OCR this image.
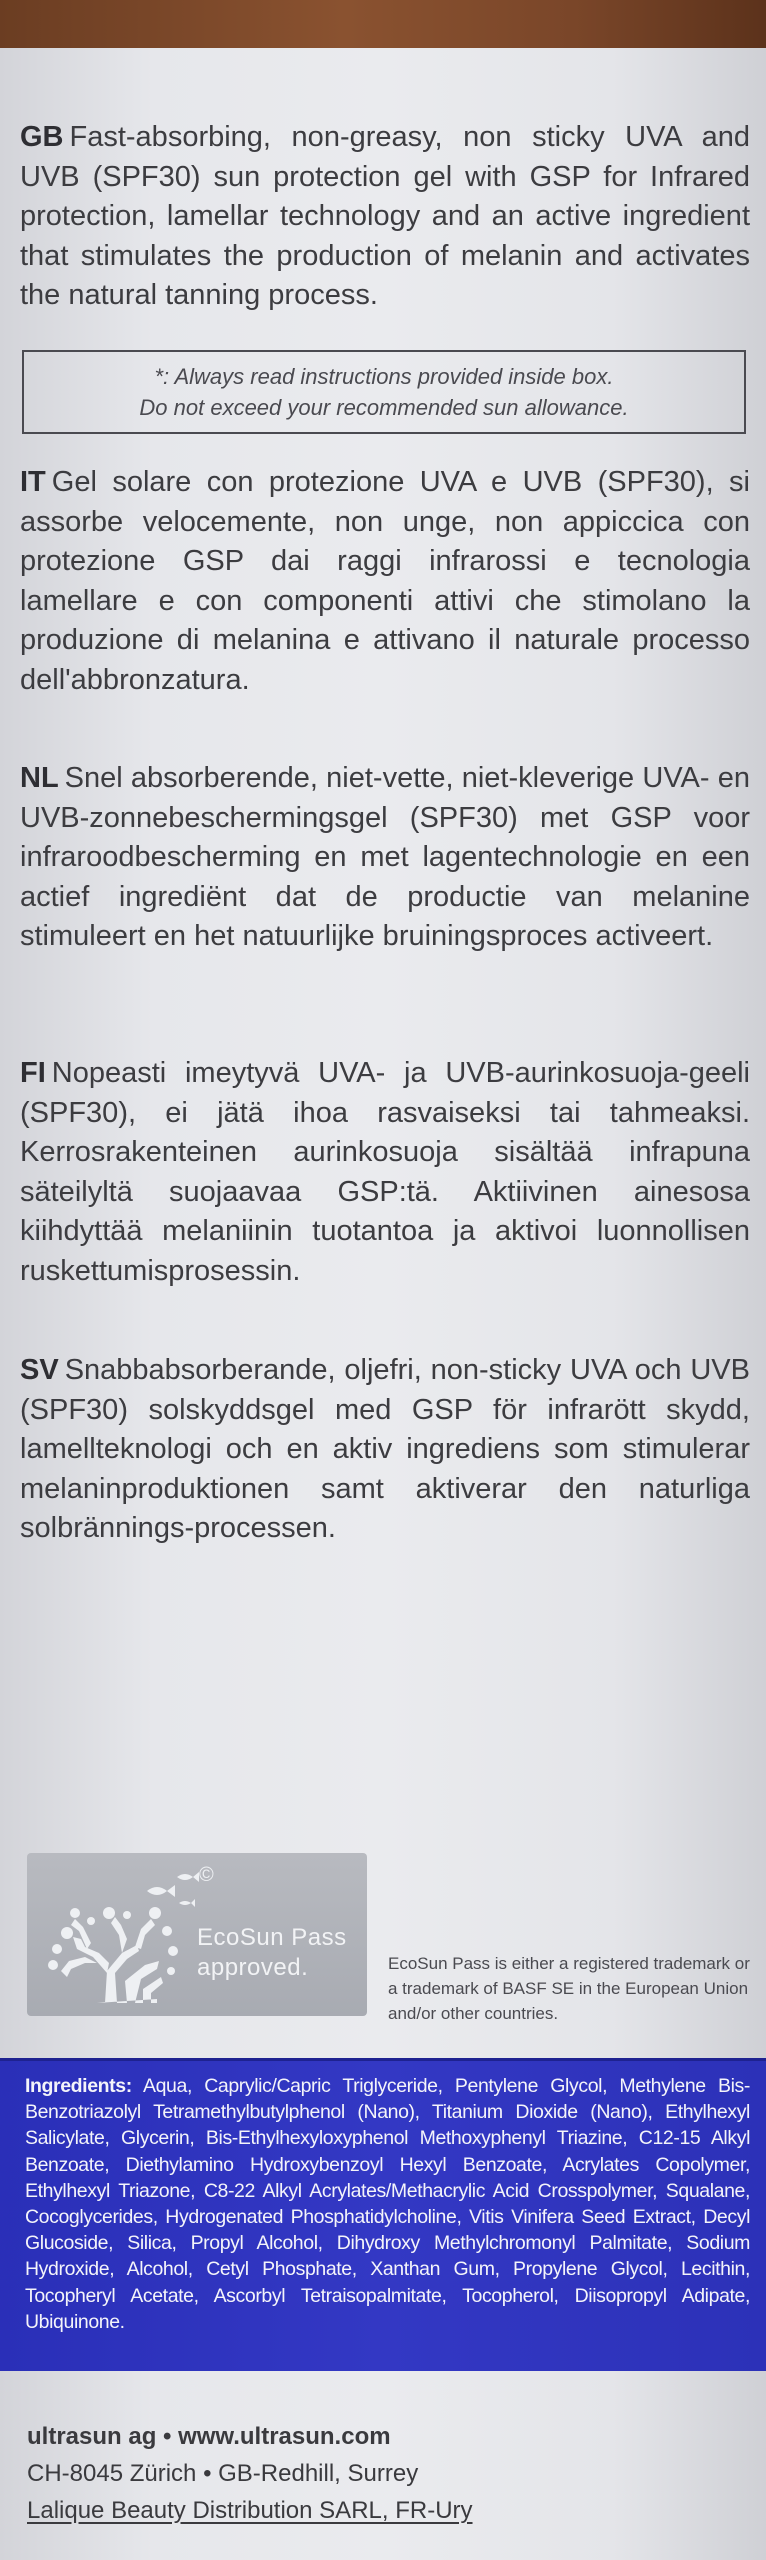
GB Fast-absorbing, non-greasy, non sticky UVA and UVB (SPF30) sun protection gel with GSP for Infrared protection, lamellar technology and an active ingredient that stimulates the production of melanin and activates the natural tanning process.
*: Always read instructions provided inside box.
Do not exceed your recommended sun allowance.
IT Gel solare con protezione UVA e UVB (SPF30), si assorbe velocemente, non unge, non appiccica con protezione GSP dai raggi infrarossi e tecnologia lamellare e con componenti attivi che stimolano la produzione di melanina e attivano il naturale processo dell'abbronzatura.
NL Snel absorberende, niet-vette, niet-kleverige UVA- en UVB-zonnebeschermingsgel (SPF30) met GSP voor infraroodbescherming en met lagentechnologie en een actief ingrediënt dat de productie van melanine stimuleert en het natuurlijke bruiningsproces activeert.
FI Nopeasti imeytyvä UVA- ja UVB-aurinkosuoja-geeli (SPF30), ei jätä ihoa rasvaiseksi tai tahmeaksi. Kerrosrakenteinen aurinkosuoja sisältää infrapuna säteilyltä suojaavaa GSP:tä. Aktiivinen ainesosa kiihdyttää melaniinin tuotantoa ja aktivoi luonnollisen ruskettumisprosessin.
SV Snabbabsorberande, oljefri, non-sticky UVA och UVB (SPF30) solskyddsgel med GSP för infrarött skydd, lamellteknologi och en aktiv ingrediens som stimulerar melaninproduktionen samt aktiverar den naturliga solbrännings-processen.
©
EcoSun Pass approved.	EcoSun Pass is either a registered trademark or a trademark of BASF SE in the European Union and/or other countries.
Ingredients: Aqua, Caprylic/Capric Triglyceride, Pentylene Glycol, Methylene Bis-Benzotriazolyl Tetramethylbutylphenol (Nano), Titanium Dioxide (Nano), Ethylhexyl Salicylate, Glycerin, Bis-Ethylhexyloxyphenol Methoxyphenyl Triazine, C12-15 Alkyl Benzoate, Diethylamino Hydroxybenzoyl Hexyl Benzoate, Acrylates Copolymer, Ethylhexyl Triazone, C8-22 Alkyl Acrylates/Methacrylic Acid Crosspolymer, Squalane, Cocoglycerides, Hydrogenated Phosphatidylcholine, Vitis Vinifera Seed Extract, Decyl Glucoside, Silica, Propyl Alcohol, Dihydroxy Methylchromonyl Palmitate, Sodium Hydroxide, Alcohol, Cetyl Phosphate, Xanthan Gum, Propylene Glycol, Lecithin, Tocopheryl Acetate, Ascorbyl Tetraisopalmitate, Tocopherol, Diisopropyl Adipate, Ubiquinone.
ultrasun ag • www.ultrasun.com
CH-8045 Zürich • GB-Redhill, Surrey
Lalique Beauty Distribution SARL, FR-Ury
